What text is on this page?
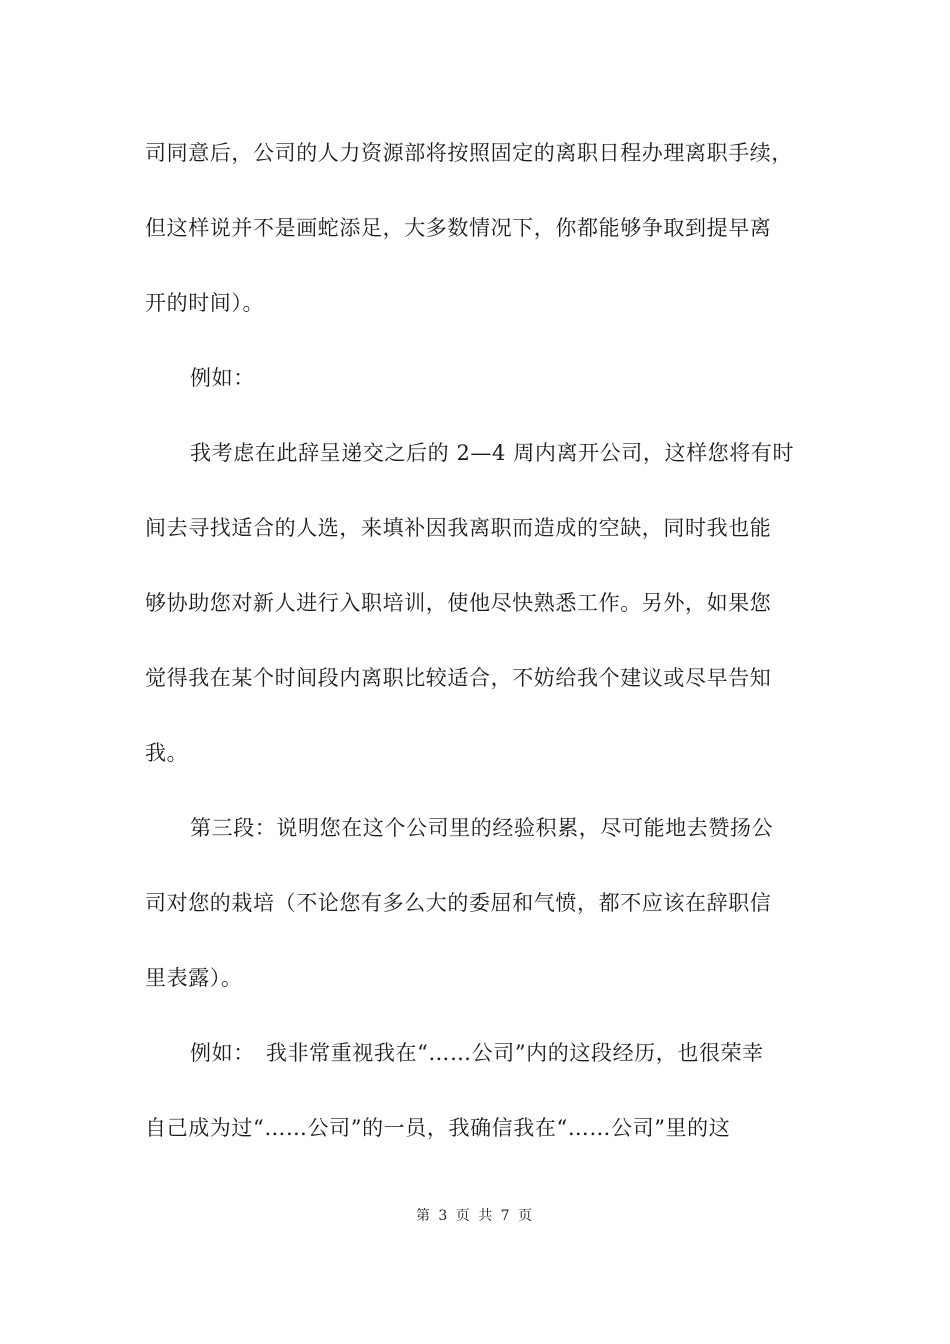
司同意后，公司的人力资源部将按照固定的离职日程办理离职手续，
但这样说并不是画蛇添足，大多数情况下，你都能够争取到提早离
开的时间）。
例如：
我考虑在此辞呈递交之后的 2—4 周内离开公司，这样您将有时
间去寻找适合的人选，来填补因我离职而造成的空缺，同时我也能
够协助您对新人进行入职培训，使他尽快熟悉工作。另外，如果您
觉得我在某个时间段内离职比较适合，不妨给我个建议或尽早告知
我。
第三段：说明您在这个公司里的经验积累，尽可能地去赞扬公
司对您的栽培（不论您有多么大的委屈和气愤，都不应该在辞职信
里表露）。
例如：　我非常重视我在“……公司”内的这段经历，也很荣幸
自己成为过“……公司”的一员，我确信我在“……公司”里的这
第 3 页 共 7 页
